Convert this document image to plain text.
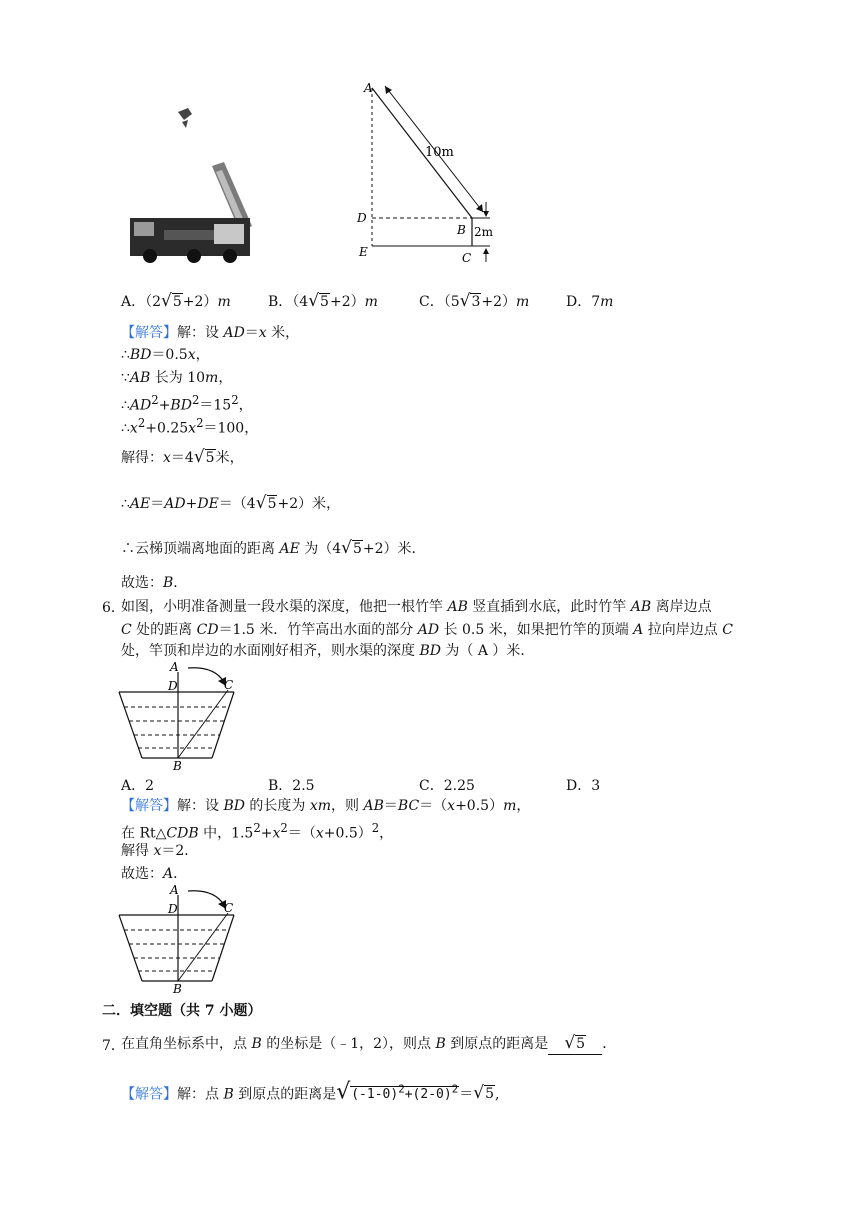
A
10m
D
B 2m
E	C
A．（2√5+2）m	B．（4√5+2）m	C．（5√3+2）m	D．7m
【解答】解：设 AD＝x 米，
∴BD＝0.5x，
∵AB 长为 10m，
$\therefore AD^2+BD^2=15^2$，
$\therefore x^2+0.25x^2=100$，
解得：x＝4√5米，
∴AE＝AD+DE＝（4√5+2）米，
∴云梯顶端离地面的距离 AE 为（4√5+2）米．
故选：B．
6．
如图，小明准备测量一段水渠的深度，他把一根竹竿 AB 竖直插到水底，此时竹竿 AB 离岸边点
C 处的距离 CD＝1.5 米．竹竿高出水面的部分 AD 长 0.5 米，如果把竹竿的顶端 A 拉向岸边点 C
处，竿顶和岸边的水面刚好相齐，则水渠的深度 BD 为（ A ）米．
A
D	C
B
A．2	B．2.5	C．2.25	D．3
【解答】解：设 BD 的长度为 xm，则 AB＝BC＝（x+0.5）m，
在 Rt△CDB 中，$1.5^2+x^2=(x+0.5)^2$，
解得 x＝2．
故选：A．
A
D	C
B
二．填空题（共 7 小题）
7．
在直角坐标系中，点 B 的坐标是（﹣1，2），则点 B 到原点的距离是 √5 ．
【解答】解：点 B 到原点的距离是$√(-1-0)^2+(2-0)^2=√5$,
